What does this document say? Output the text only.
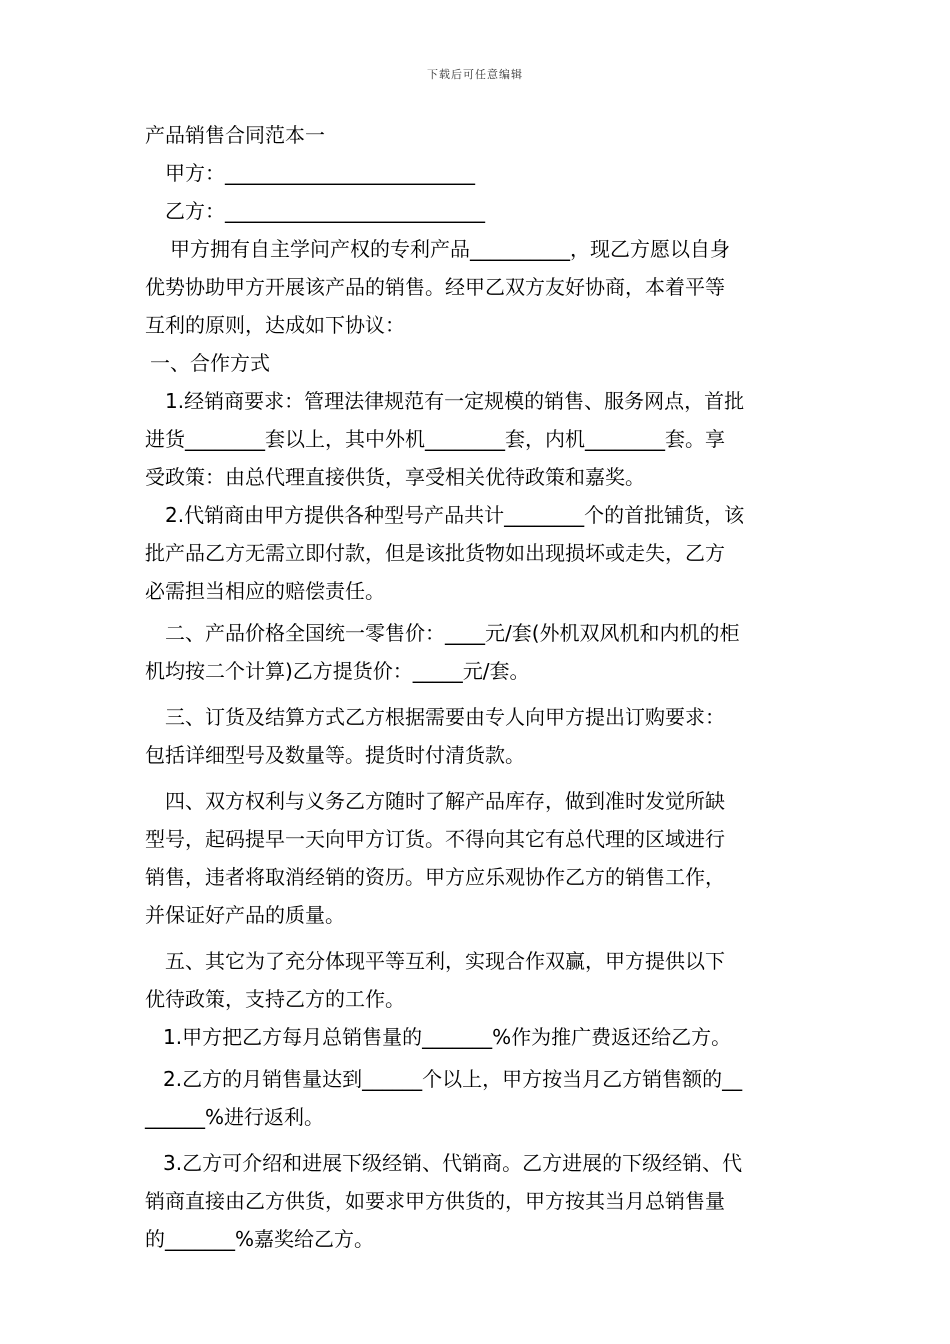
下载后可任意编辑
产品销售合同范本一
甲方：_________________________
乙方：__________________________
甲方拥有自主学问产权的专利产品__________，现乙方愿以自身
优势协助甲方开展该产品的销售。经甲乙双方友好协商，本着平等
互利的原则，达成如下协议：
一、合作方式
1.经销商要求：管理法律规范有一定规模的销售、服务网点，首批
进货________套以上，其中外机________套，内机________套。享
受政策：由总代理直接供货，享受相关优待政策和嘉奖。
2.代销商由甲方提供各种型号产品共计________个的首批铺货，该
批产品乙方无需立即付款，但是该批货物如出现损坏或走失，乙方
必需担当相应的赔偿责任。
二、产品价格全国统一零售价：____元/套(外机双风机和内机的柜
机均按二个计算)乙方提货价：_____元/套。
三、订货及结算方式乙方根据需要由专人向甲方提出订购要求：
包括详细型号及数量等。提货时付清货款。
四、双方权利与义务乙方随时了解产品库存，做到准时发觉所缺
型号，起码提早一天向甲方订货。不得向其它有总代理的区域进行
销售，违者将取消经销的资历。甲方应乐观协作乙方的销售工作，
并保证好产品的质量。
五、其它为了充分体现平等互利，实现合作双赢，甲方提供以下
优待政策，支持乙方的工作。
1.甲方把乙方每月总销售量的_______%作为推广费返还给乙方。
2.乙方的月销售量达到______个以上，甲方按当月乙方销售额的__
______%进行返利。
3.乙方可介绍和进展下级经销、代销商。乙方进展的下级经销、代
销商直接由乙方供货，如要求甲方供货的，甲方按其当月总销售量
的_______%嘉奖给乙方。
